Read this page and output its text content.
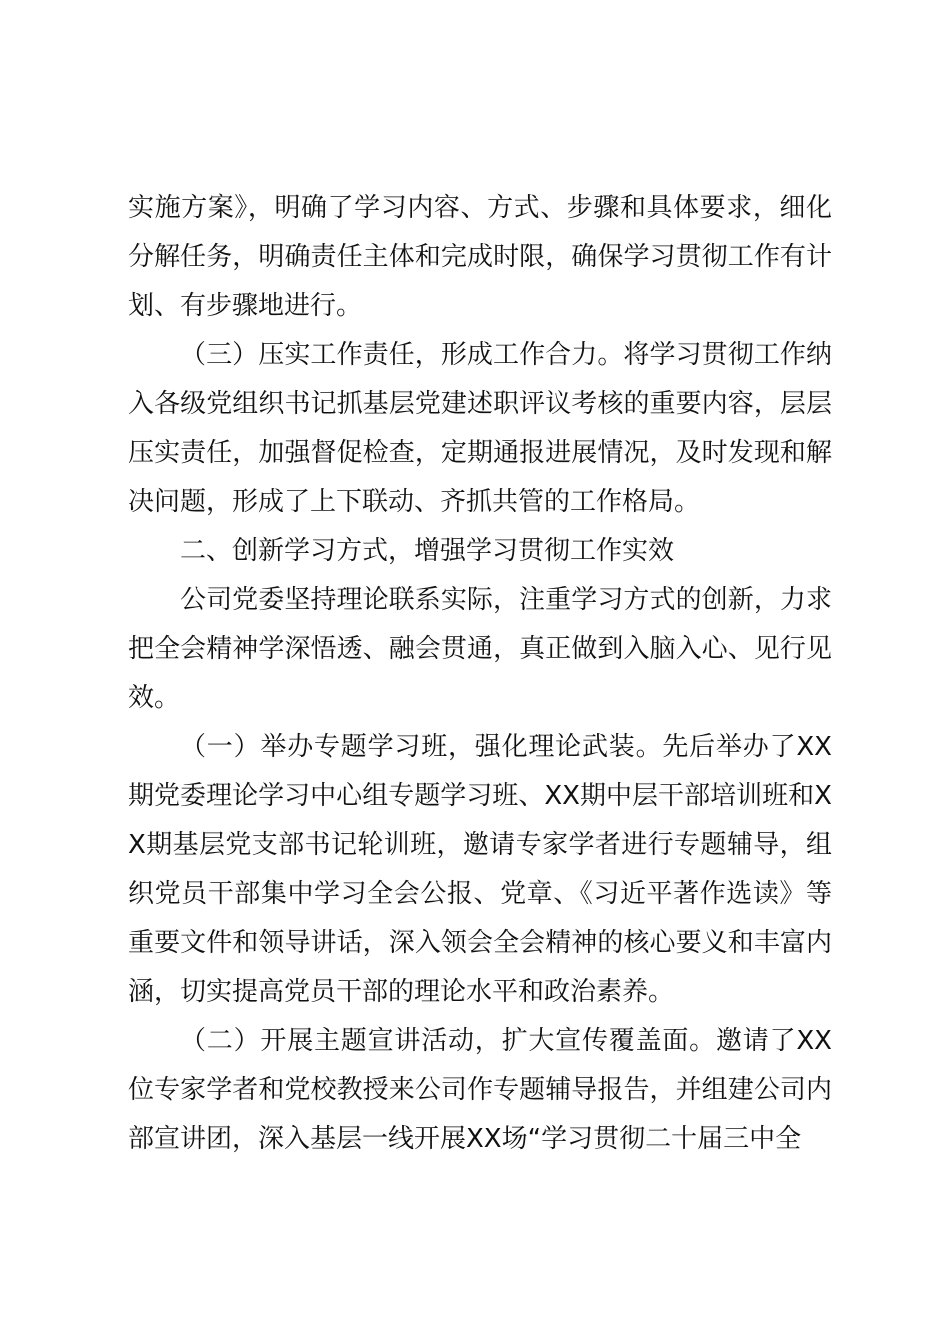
实施方案》，明确了学习内容、方式、步骤和具体要求，细化分解任务，明确责任主体和完成时限，确保学习贯彻工作有计划、有步骤地进行。

（三）压实工作责任，形成工作合力。将学习贯彻工作纳入各级党组织书记抓基层党建述职评议考核的重要内容，层层压实责任，加强督促检查，定期通报进展情况，及时发现和解决问题，形成了上下联动、齐抓共管的工作格局。

二、创新学习方式，增强学习贯彻工作实效

公司党委坚持理论联系实际，注重学习方式的创新，力求把全会精神学深悟透、融会贯通，真正做到入脑入心、见行见效。

（一）举办专题学习班，强化理论武装。先后举办了XX期党委理论学习中心组专题学习班、XX期中层干部培训班和XX期基层党支部书记轮训班，邀请专家学者进行专题辅导，组织党员干部集中学习全会公报、党章、《习近平著作选读》等重要文件和领导讲话，深入领会全会精神的核心要义和丰富内涵，切实提高党员干部的理论水平和政治素养。

（二）开展主题宣讲活动，扩大宣传覆盖面。邀请了XX位专家学者和党校教授来公司作专题辅导报告，并组建公司内部宣讲团，深入基层一线开展XX场“学习贯彻二十届三中全
